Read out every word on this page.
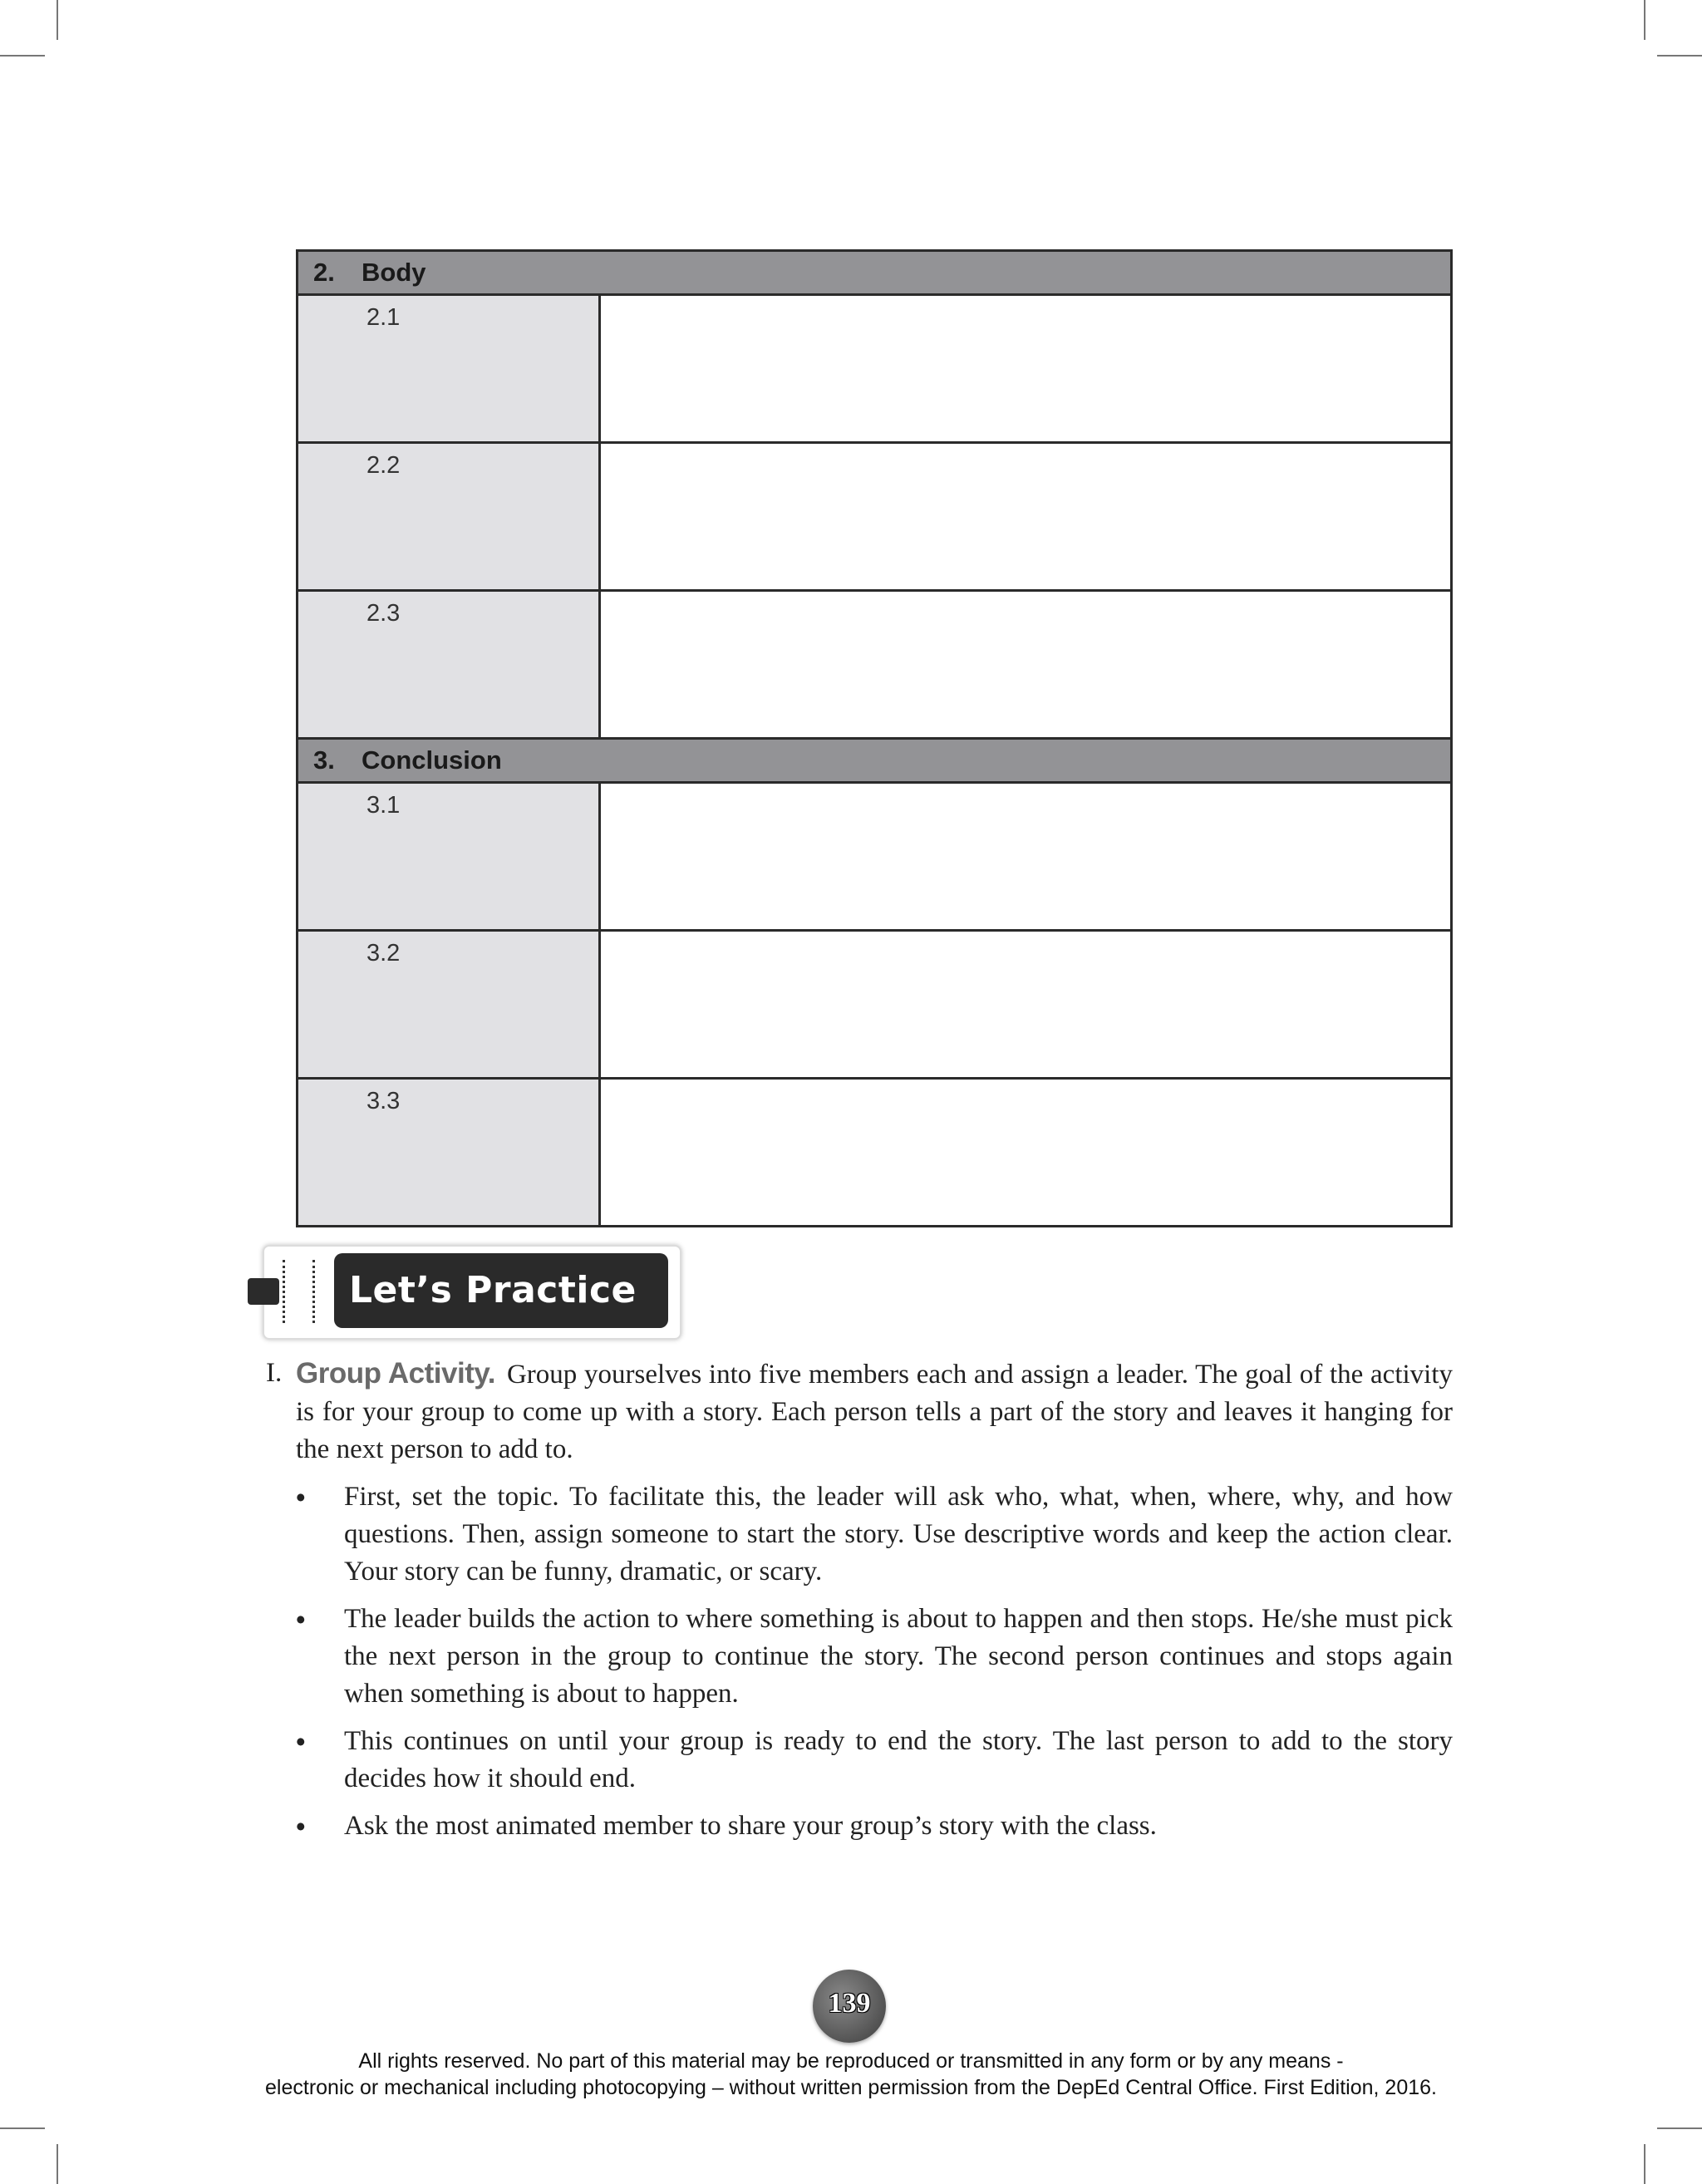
2. Body	
2.1	
2.2	
2.3	
3. Conclusion	
3.1	
3.2	
3.3	
Let’s Practice
I. Group Activity. Group yourselves into five members each and assign a leader. The goal of the activity is for your group to come up with a story. Each person tells a part of the story and leaves it hanging for the next person to add to.
• First, set the topic. To facilitate this, the leader will ask who, what, when, where, why, and how questions. Then, assign someone to start the story. Use descriptive words and keep the action clear. Your story can be funny, dramatic, or scary.
• The leader builds the action to where something is about to happen and then stops. He/she must pick the next person in the group to continue the story. The second person continues and stops again when something is about to happen.
• This continues on until your group is ready to end the story. The last person to add to the story decides how it should end.
• Ask the most animated member to share your group’s story with the class.
139
All rights reserved. No part of this material may be reproduced or transmitted in any form or by any means -
electronic or mechanical including photocopying – without written permission from the DepEd Central Office. First Edition, 2016.
